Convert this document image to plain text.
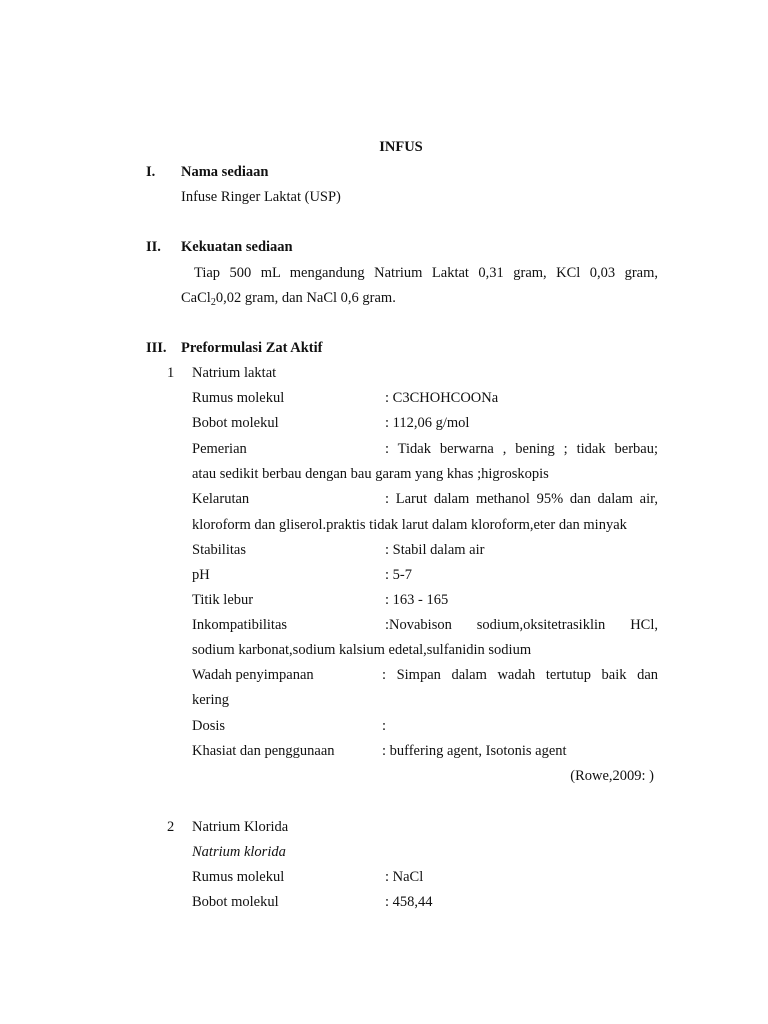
INFUS
I. Nama sediaan
Infuse Ringer Laktat (USP)
II. Kekuatan sediaan
Tiap 500 mL mengandung Natrium Laktat 0,31 gram, KCl 0,03 gram,
CaCl$_2$0,02 gram, dan NaCl 0,6 gram.
III. Preformulasi Zat Aktif
1 Natrium laktat
Rumus molekul	: C3CHOHCOONa
Bobot molekul	: 112,06 g/mol
Pemerian	: Tidak berwarna , bening ; tidak berbau;
atau sedikit berbau dengan bau garam yang khas ;higroskopis
Kelarutan	: Larut dalam methanol 95% dan dalam air,
kloroform dan gliserol.praktis tidak larut dalam kloroform,eter dan minyak
Stabilitas	: Stabil dalam air
pH	: 5-7
Titik lebur	: 163 - 165
Inkompatibilitas	:Novabison sodium,oksitetrasiklin HCl,
sodium karbonat,sodium kalsium edetal,sulfanidin sodium
Wadah penyimpanan	: Simpan dalam wadah tertutup baik dan
kering
Dosis	:
Khasiat dan penggunaan	: buffering agent, Isotonis agent
(Rowe,2009: )
2 Natrium Klorida
Natrium klorida
Rumus molekul	: NaCl
Bobot molekul	: 458,44
